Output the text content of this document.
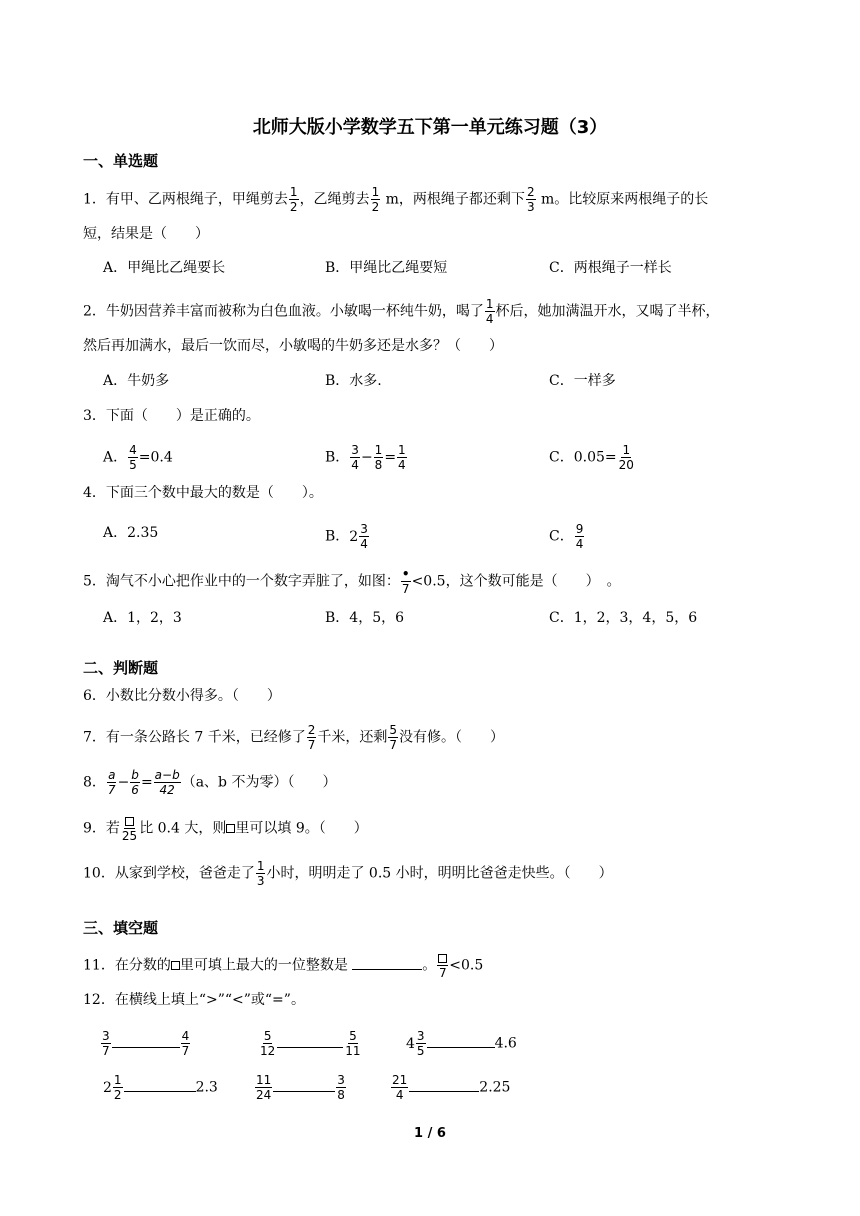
北师大版小学数学五下第一单元练习题（3）
一、单选题
1．有甲、乙两根绳子，甲绳剪去 $\frac{1}{2}$ ，乙绳剪去 $\frac{1}{2}$ m，两根绳子都还剩下 $\frac{2}{3}$ m。比较原来两根绳子的长
短，结果是（　　）
A．甲绳比乙绳要长	B．甲绳比乙绳要短	C．两根绳子一样长
2．牛奶因营养丰富而被称为白色血液。小敏喝一杯纯牛奶，喝了 $\frac{1}{4}$ 杯后，她加满温开水，又喝了半杯，
然后再加满水，最后一饮而尽，小敏喝的牛奶多还是水多？（　　）
A．牛奶多	B．水多.	C．一样多
3．下面（　　）是正确的。
A． $\frac{4}{5} =0.4$	B． $\frac{3}{4} - \frac{1}{8} = \frac{1}{4}$	C．$0.05= \frac{1}{20}$
4．下面三个数中最大的数是（　　）。
A．2.35	B．$2 \frac{3}{4}$	C． $\frac{9}{4}$
5．淘气不小心把作业中的一个数字弄脏了，如图： $\frac{•}{7} <0.5$，这个数可能是（　　）　。
A．1，2，3	B．4，5，6	C．1，2，3，4，5，6
二、判断题
6．小数比分数小得多。（　　）
7．有一条公路长 7 千米，已经修了 $\frac{2}{7}$ 千米，还剩 $\frac{5}{7}$ 没有修。（　　）
8． $\frac{a}{7} - \frac{b}{6} = \frac{a-b}{42} (a$、b 不为零）（　　）
9．若 25 比 0.4 大，则 里可以填 9。（　　）
10．从家到学校，爸爸走了 $\frac{1}{3}$ 小时，明明走了 0.5 小时，明明比爸爸走快些。（　　）
三、填空题
11．在分数的 里可填上最大的一位整数是	。 7 <0.5
12．在横线上填上“>”“<”或“=”。
$\frac{3}{7}$	$\frac{4}{7}$	$\frac{5}{12}$	$\frac{5}{11}$	$4 \frac{3}{5}$	4.6
$2 \frac{1}{2}$	2.3	$\frac{11}{24}$	$\frac{3}{8}$	$\frac{21}{4}$	2.25
1 / 6
